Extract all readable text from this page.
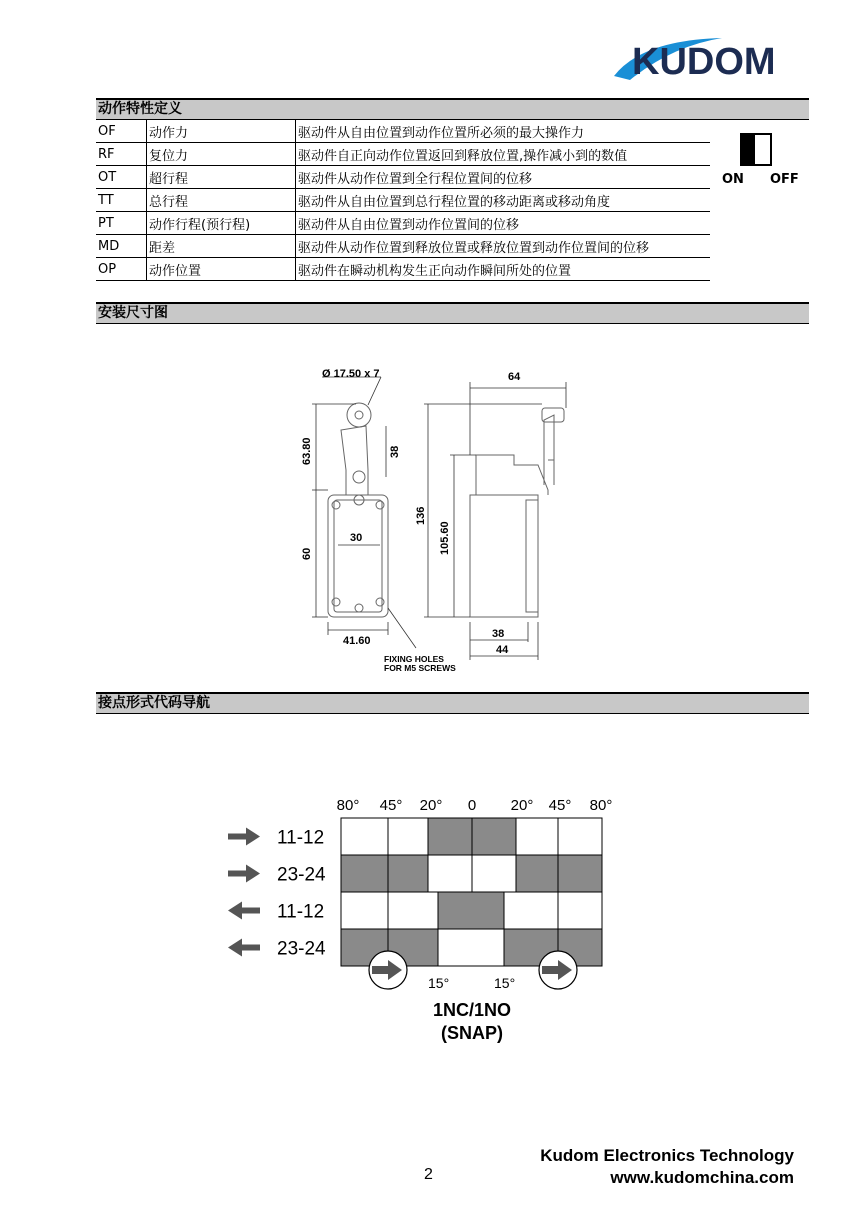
KUDOM
动作特性定义
OF	动作力	驱动件从自由位置到动作位置所必须的最大操作力
RF	复位力	驱动件自正向动作位置返回到释放位置,操作减小到的数值
OT	超行程	驱动件从动作位置到全行程位置间的位移
TT	总行程	驱动件从自由位置到总行程位置的移动距离或移动角度
PT	动作行程(预行程)	驱动件从自由位置到动作位置间的位移
MD	距差	驱动件从动作位置到释放位置或释放位置到动作位置间的位移
OP	动作位置	驱动件在瞬动机构发生正向动作瞬间所处的位置
ON OFF
安装尺寸图
Ø 17.50 x 7
63.80	38
60
30
41.60
FIXING HOLES
FOR M5 SCREWS
64
136
105.60
38
44
接点形式代码导航
80° 45° 20° 0 20° 45° 80°
11-12
23-24
11-12
23-24
15°	15°
1NC/1NO
(SNAP)
Kudom Electronics Technology
www.kudomchina.com
2
